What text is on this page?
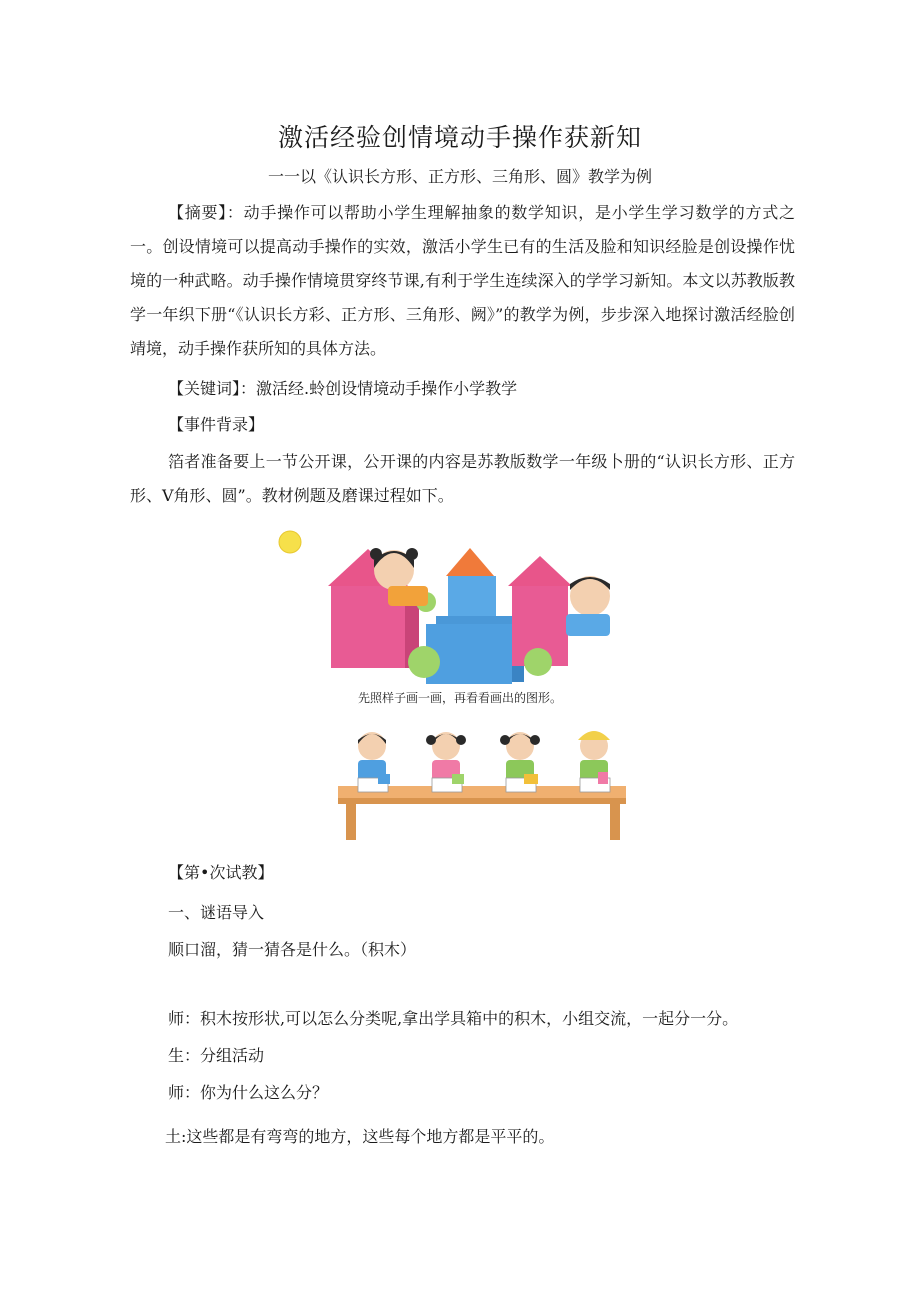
激活经验创情境动手操作获新知
一一以《认识长方形、正方形、三角形、圆》教学为例
【摘要】：动手操作可以帮助小学生理解抽象的数学知识，是小学生学习数学的方式之一。创设情境可以提高动手操作的实效，激活小学生已有的生活及脸和知识经脸是创设操作忧境的一种武略。动手操作情境贯穿终节课,有利于学生连续深入的学学习新知。本文以苏教版教学一年织下册“《认识长方彩、正方形、三角形、阙》”的教学为例，步步深入地探讨激活经脸创靖境，动手操作获所知的具体方法。
【关键词】：激活经.蛉创设情境动手操作小学教学
【事件背录】
箔者准备要上一节公开课，公开课的内容是苏教版数学一年级卜册的“认识长方形、正方形、V角形、圆”。教材例题及磨课过程如下。
先照样子画一画，再看看画出的图形。
【第•次试教】
一、谜语导入
顺口溜，猜一猜各是什么。（积木）
师：积木按形状,可以怎么分类呢,拿出学具箱中的积木，小组交流，一起分一分。
生：分组活动
师：你为什么这么分？
土:这些都是有弯弯的地方，这些每个地方都是平平的。
